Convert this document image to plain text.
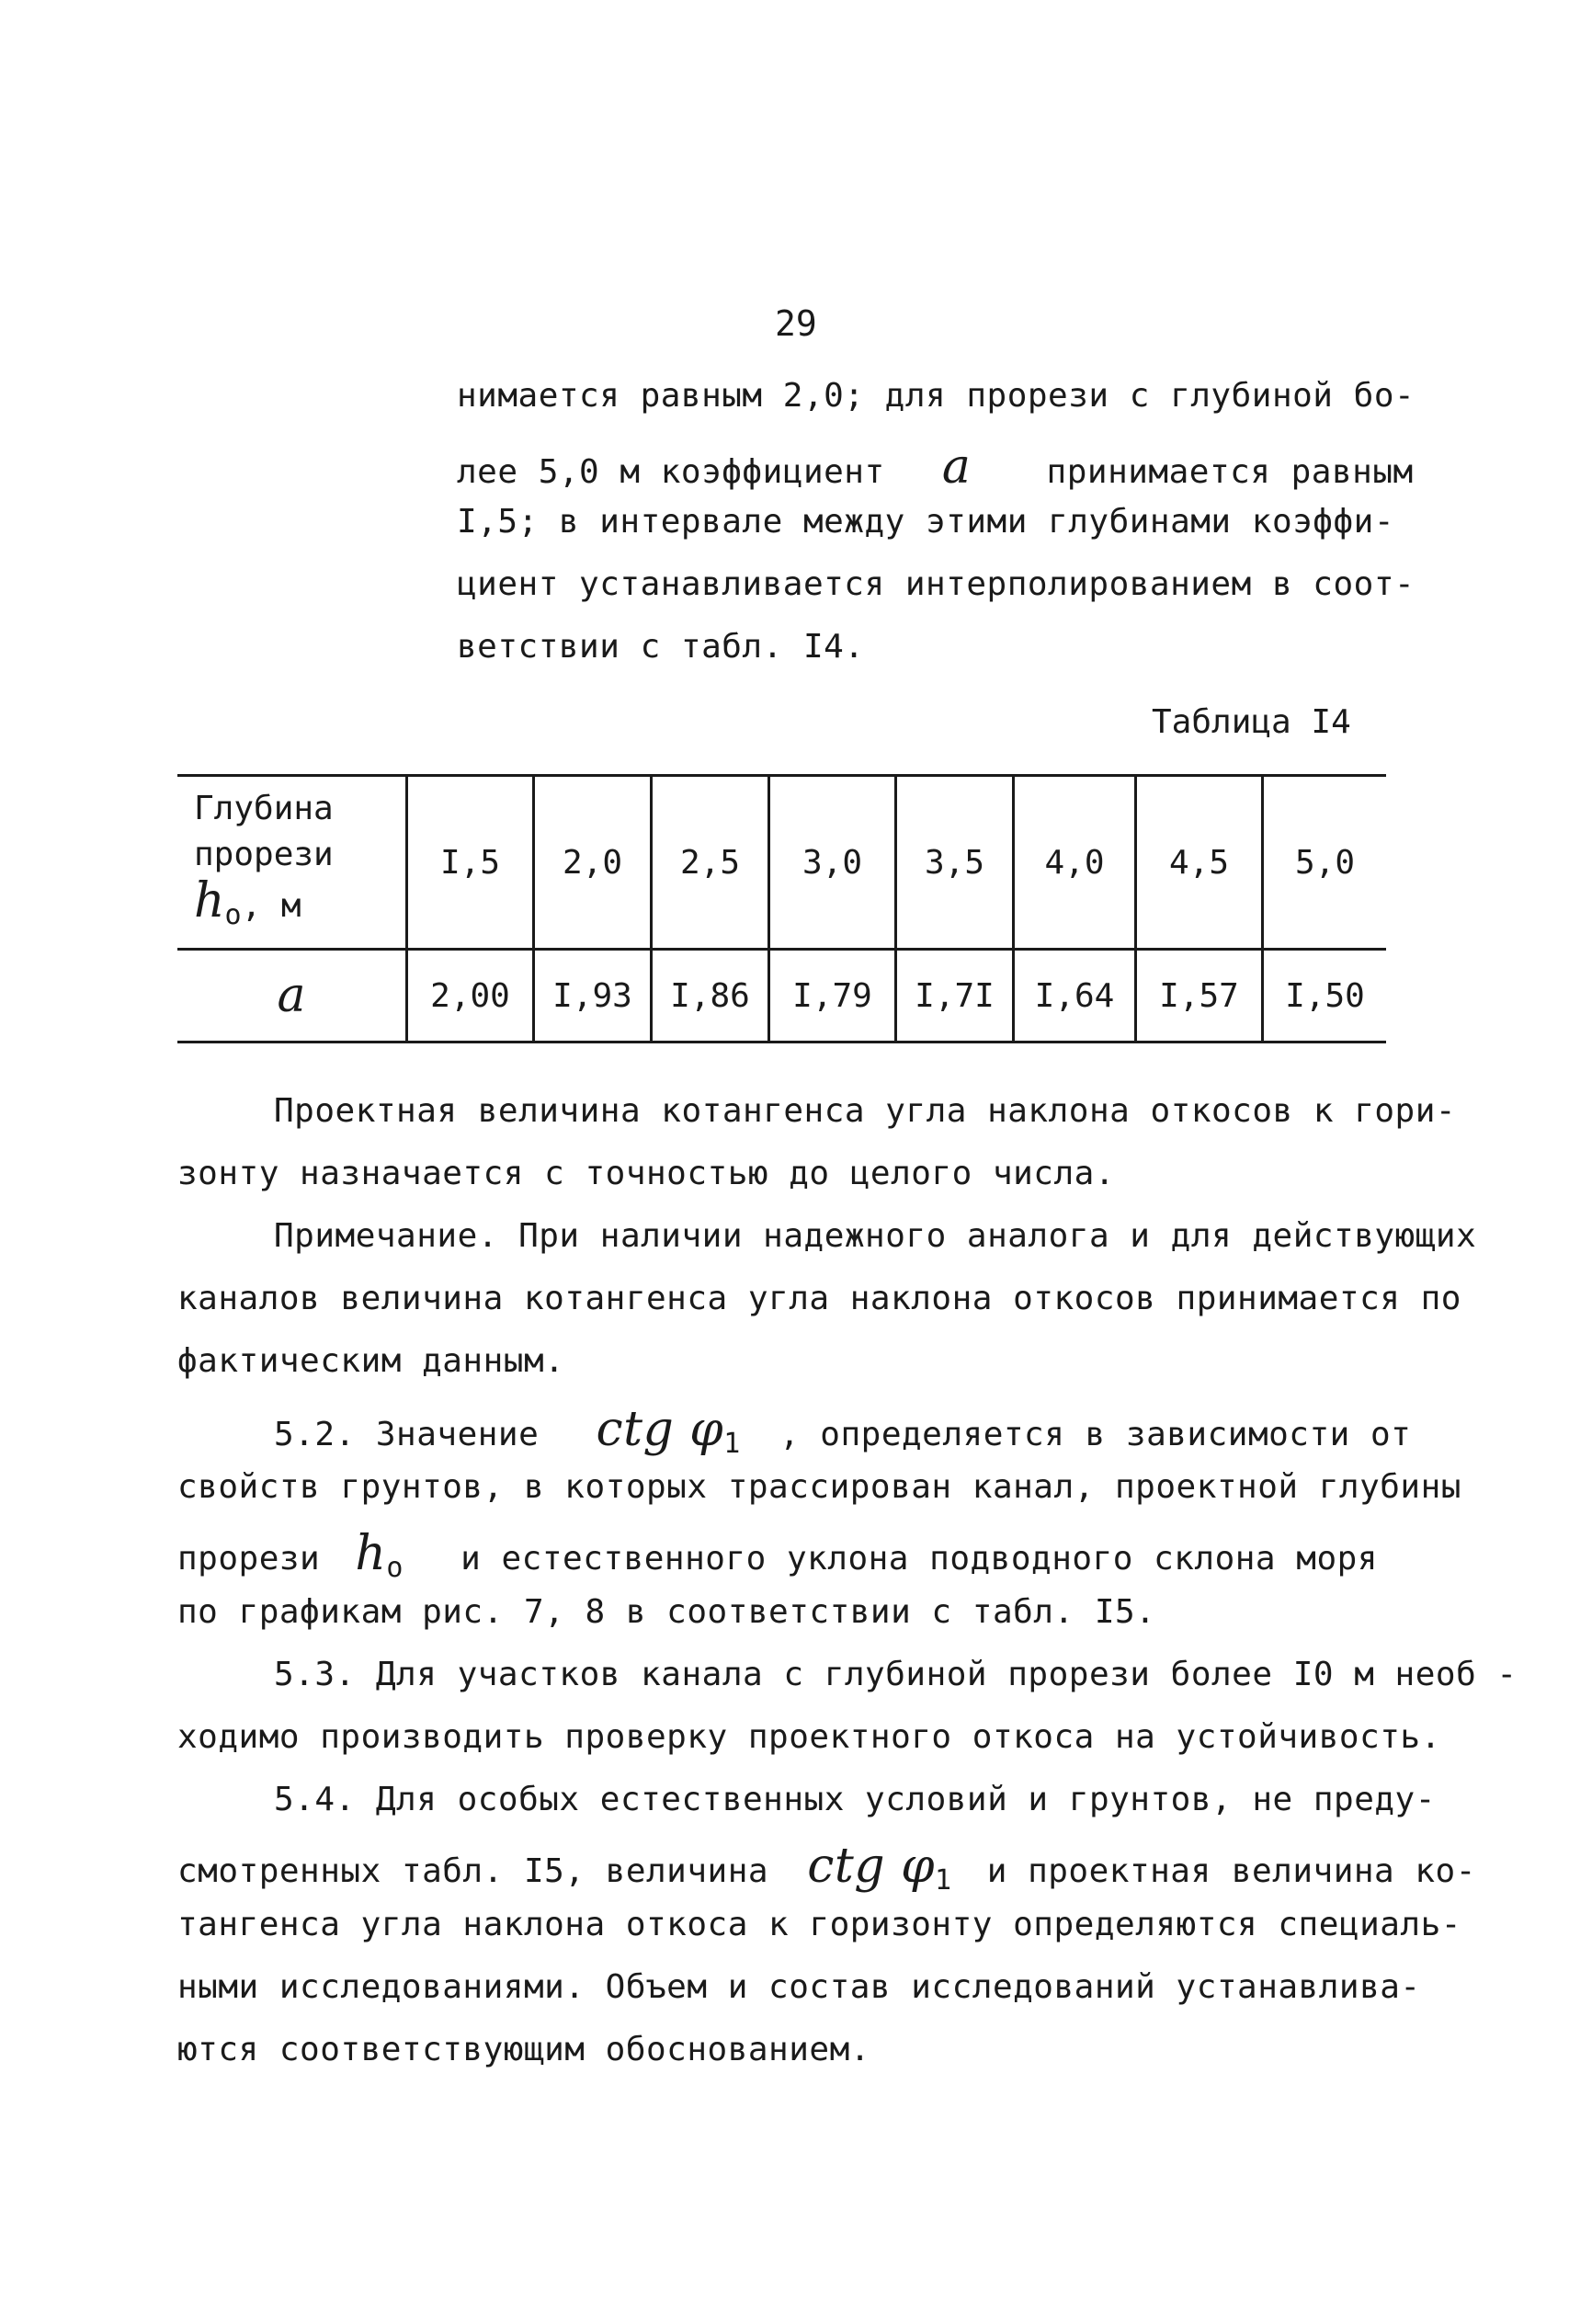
29
нимается равным 2,0; для прорези с глубиной бо-
лее 5,0 м коэффициент a принимается равным
I,5; в интервале между этими глубинами коэффи-
циент устанавливается интерполированием в соот-
ветствии с табл. I4.
Таблица I4
Глубина
прорези
$h_o$, м	I,5	2,0	2,5	3,0	3,5	4,0	4,5	5,0
a	2,00	I,93	I,86	I,79	I,7I	I,64	I,57	I,50
Проектная величина котангенса угла наклона откосов к гори-
зонту назначается с точностью до целого числа.
Примечание. При наличии надежного аналога и для действующих
каналов величина котангенса угла наклона откосов принимается по
фактическим данным.
5.2. Значение ctg $\varphi_1$ , определяется в зависимости от
свойств грунтов, в которых трассирован канал, проектной глубины
прорези $h_o$ и естественного уклона подводного склона моря
по графикам рис. 7, 8 в соответствии с табл. I5.
5.3. Для участков канала с глубиной прорези более I0 м необ -
ходимо производить проверку проектного откоса на устойчивость.
5.4. Для особых естественных условий и грунтов, не преду-
смотренных табл. I5, величина ctg $\varphi_1$ и проектная величина ко-
тангенса угла наклона откоса к горизонту определяются специаль-
ными исследованиями. Объем и состав исследований устанавлива-
ются соответствующим обоснованием.
